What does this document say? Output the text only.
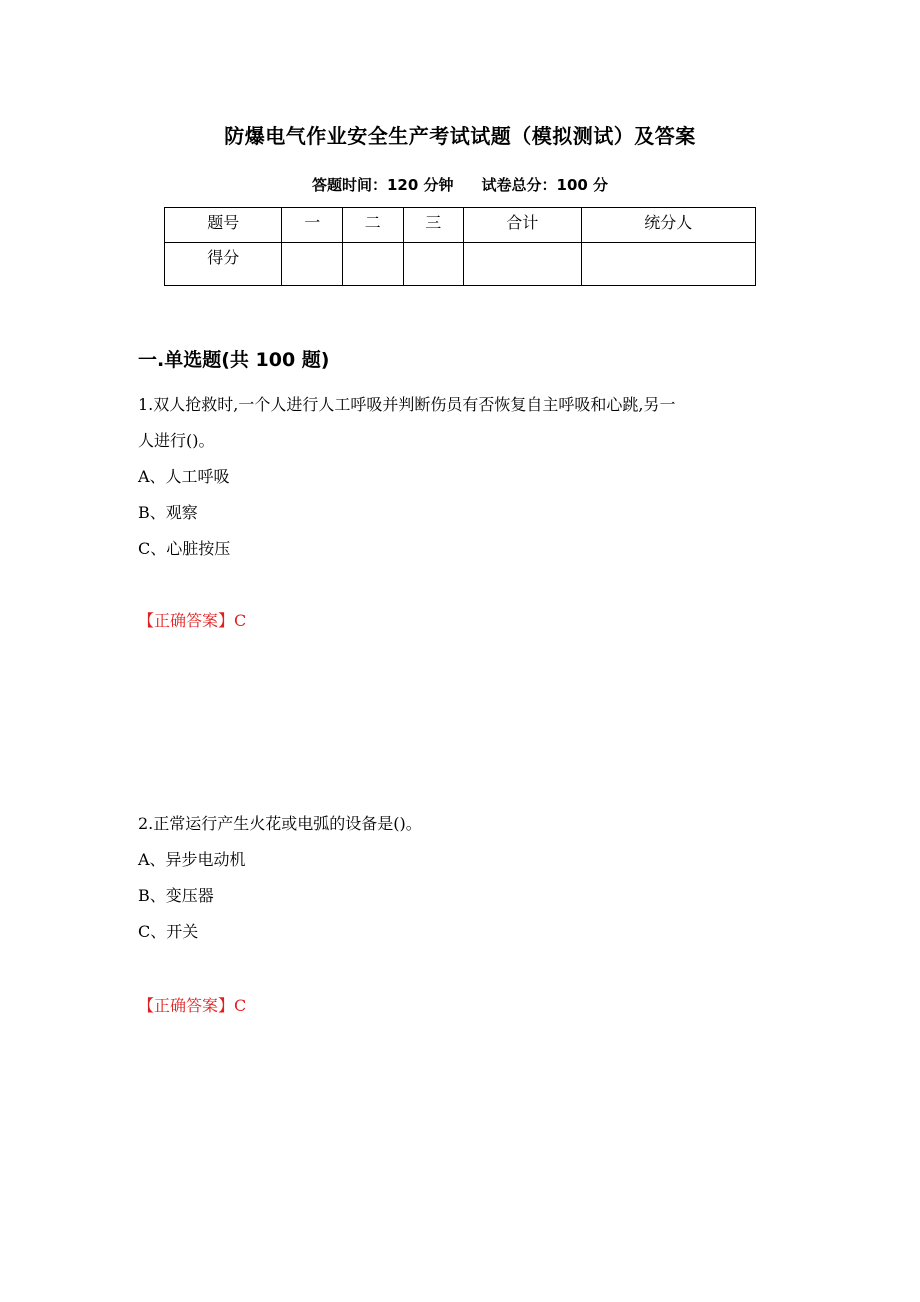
防爆电气作业安全生产考试试题（模拟测试）及答案
答题时间：120 分钟 试卷总分：100 分
题号	一	二	三	合计	统分人
得分					
一.单选题(共 100 题)
1.双人抢救时,一个人进行人工呼吸并判断伤员有否恢复自主呼吸和心跳,另一
人进行()。
A、人工呼吸
B、观察
C、心脏按压
【正确答案】C
2.正常运行产生火花或电弧的设备是()。
A、异步电动机
B、变压器
C、开关
【正确答案】C
